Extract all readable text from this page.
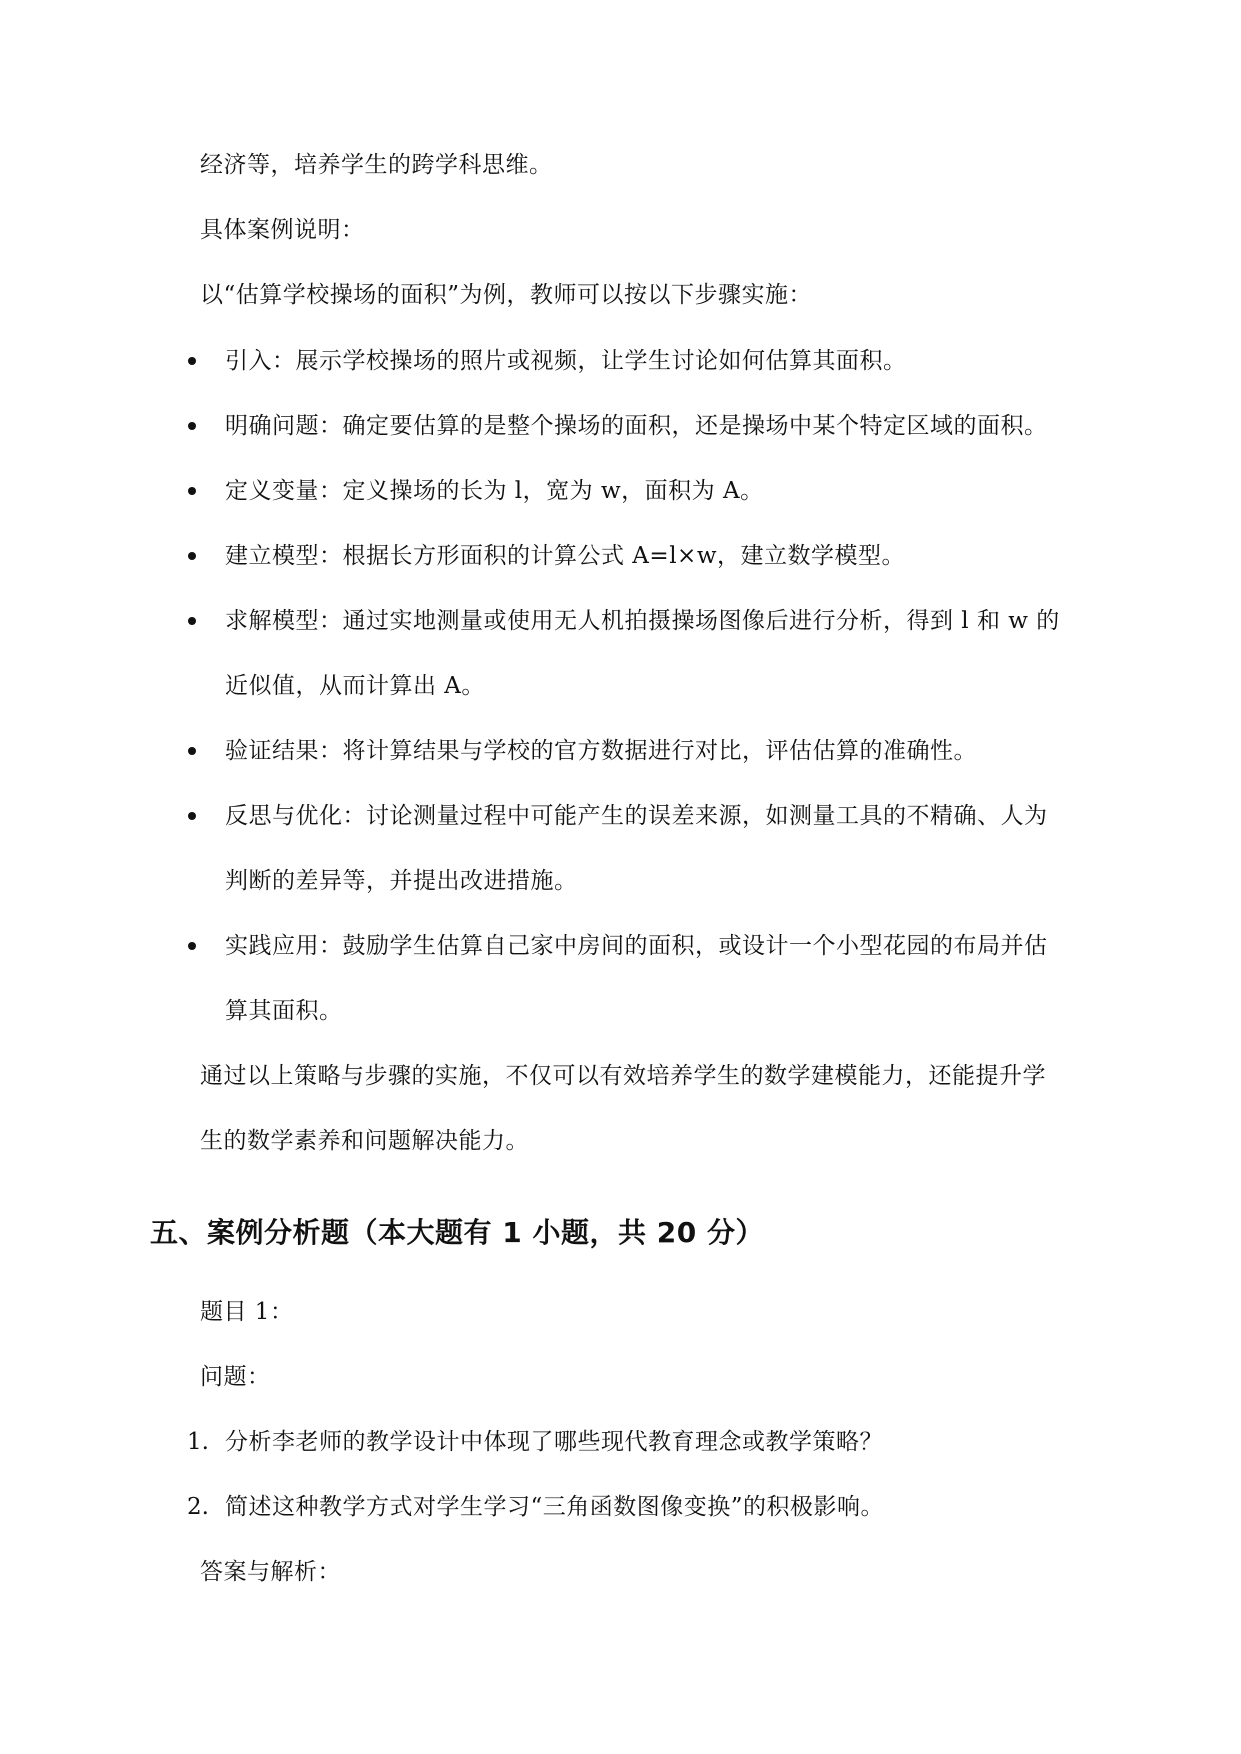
经济等，培养学生的跨学科思维。
具体案例说明：
以“估算学校操场的面积”为例，教师可以按以下步骤实施：
引入：展示学校操场的照片或视频，让学生讨论如何估算其面积。
明确问题：确定要估算的是整个操场的面积，还是操场中某个特定区域的面积。
定义变量：定义操场的长为 l，宽为 w，面积为 A。
建立模型：根据长方形面积的计算公式 A=l×w，建立数学模型。
求解模型：通过实地测量或使用无人机拍摄操场图像后进行分析，得到 l 和 w 的
近似值，从而计算出 A。
验证结果：将计算结果与学校的官方数据进行对比，评估估算的准确性。
反思与优化：讨论测量过程中可能产生的误差来源，如测量工具的不精确、人为
判断的差异等，并提出改进措施。
实践应用：鼓励学生估算自己家中房间的面积，或设计一个小型花园的布局并估
算其面积。
通过以上策略与步骤的实施，不仅可以有效培养学生的数学建模能力，还能提升学
生的数学素养和问题解决能力。
五、案例分析题（本大题有 1 小题，共 20 分）
题目 1：
问题：
1. 分析李老师的教学设计中体现了哪些现代教育理念或教学策略？
2. 简述这种教学方式对学生学习“三角函数图像变换”的积极影响。
答案与解析：
